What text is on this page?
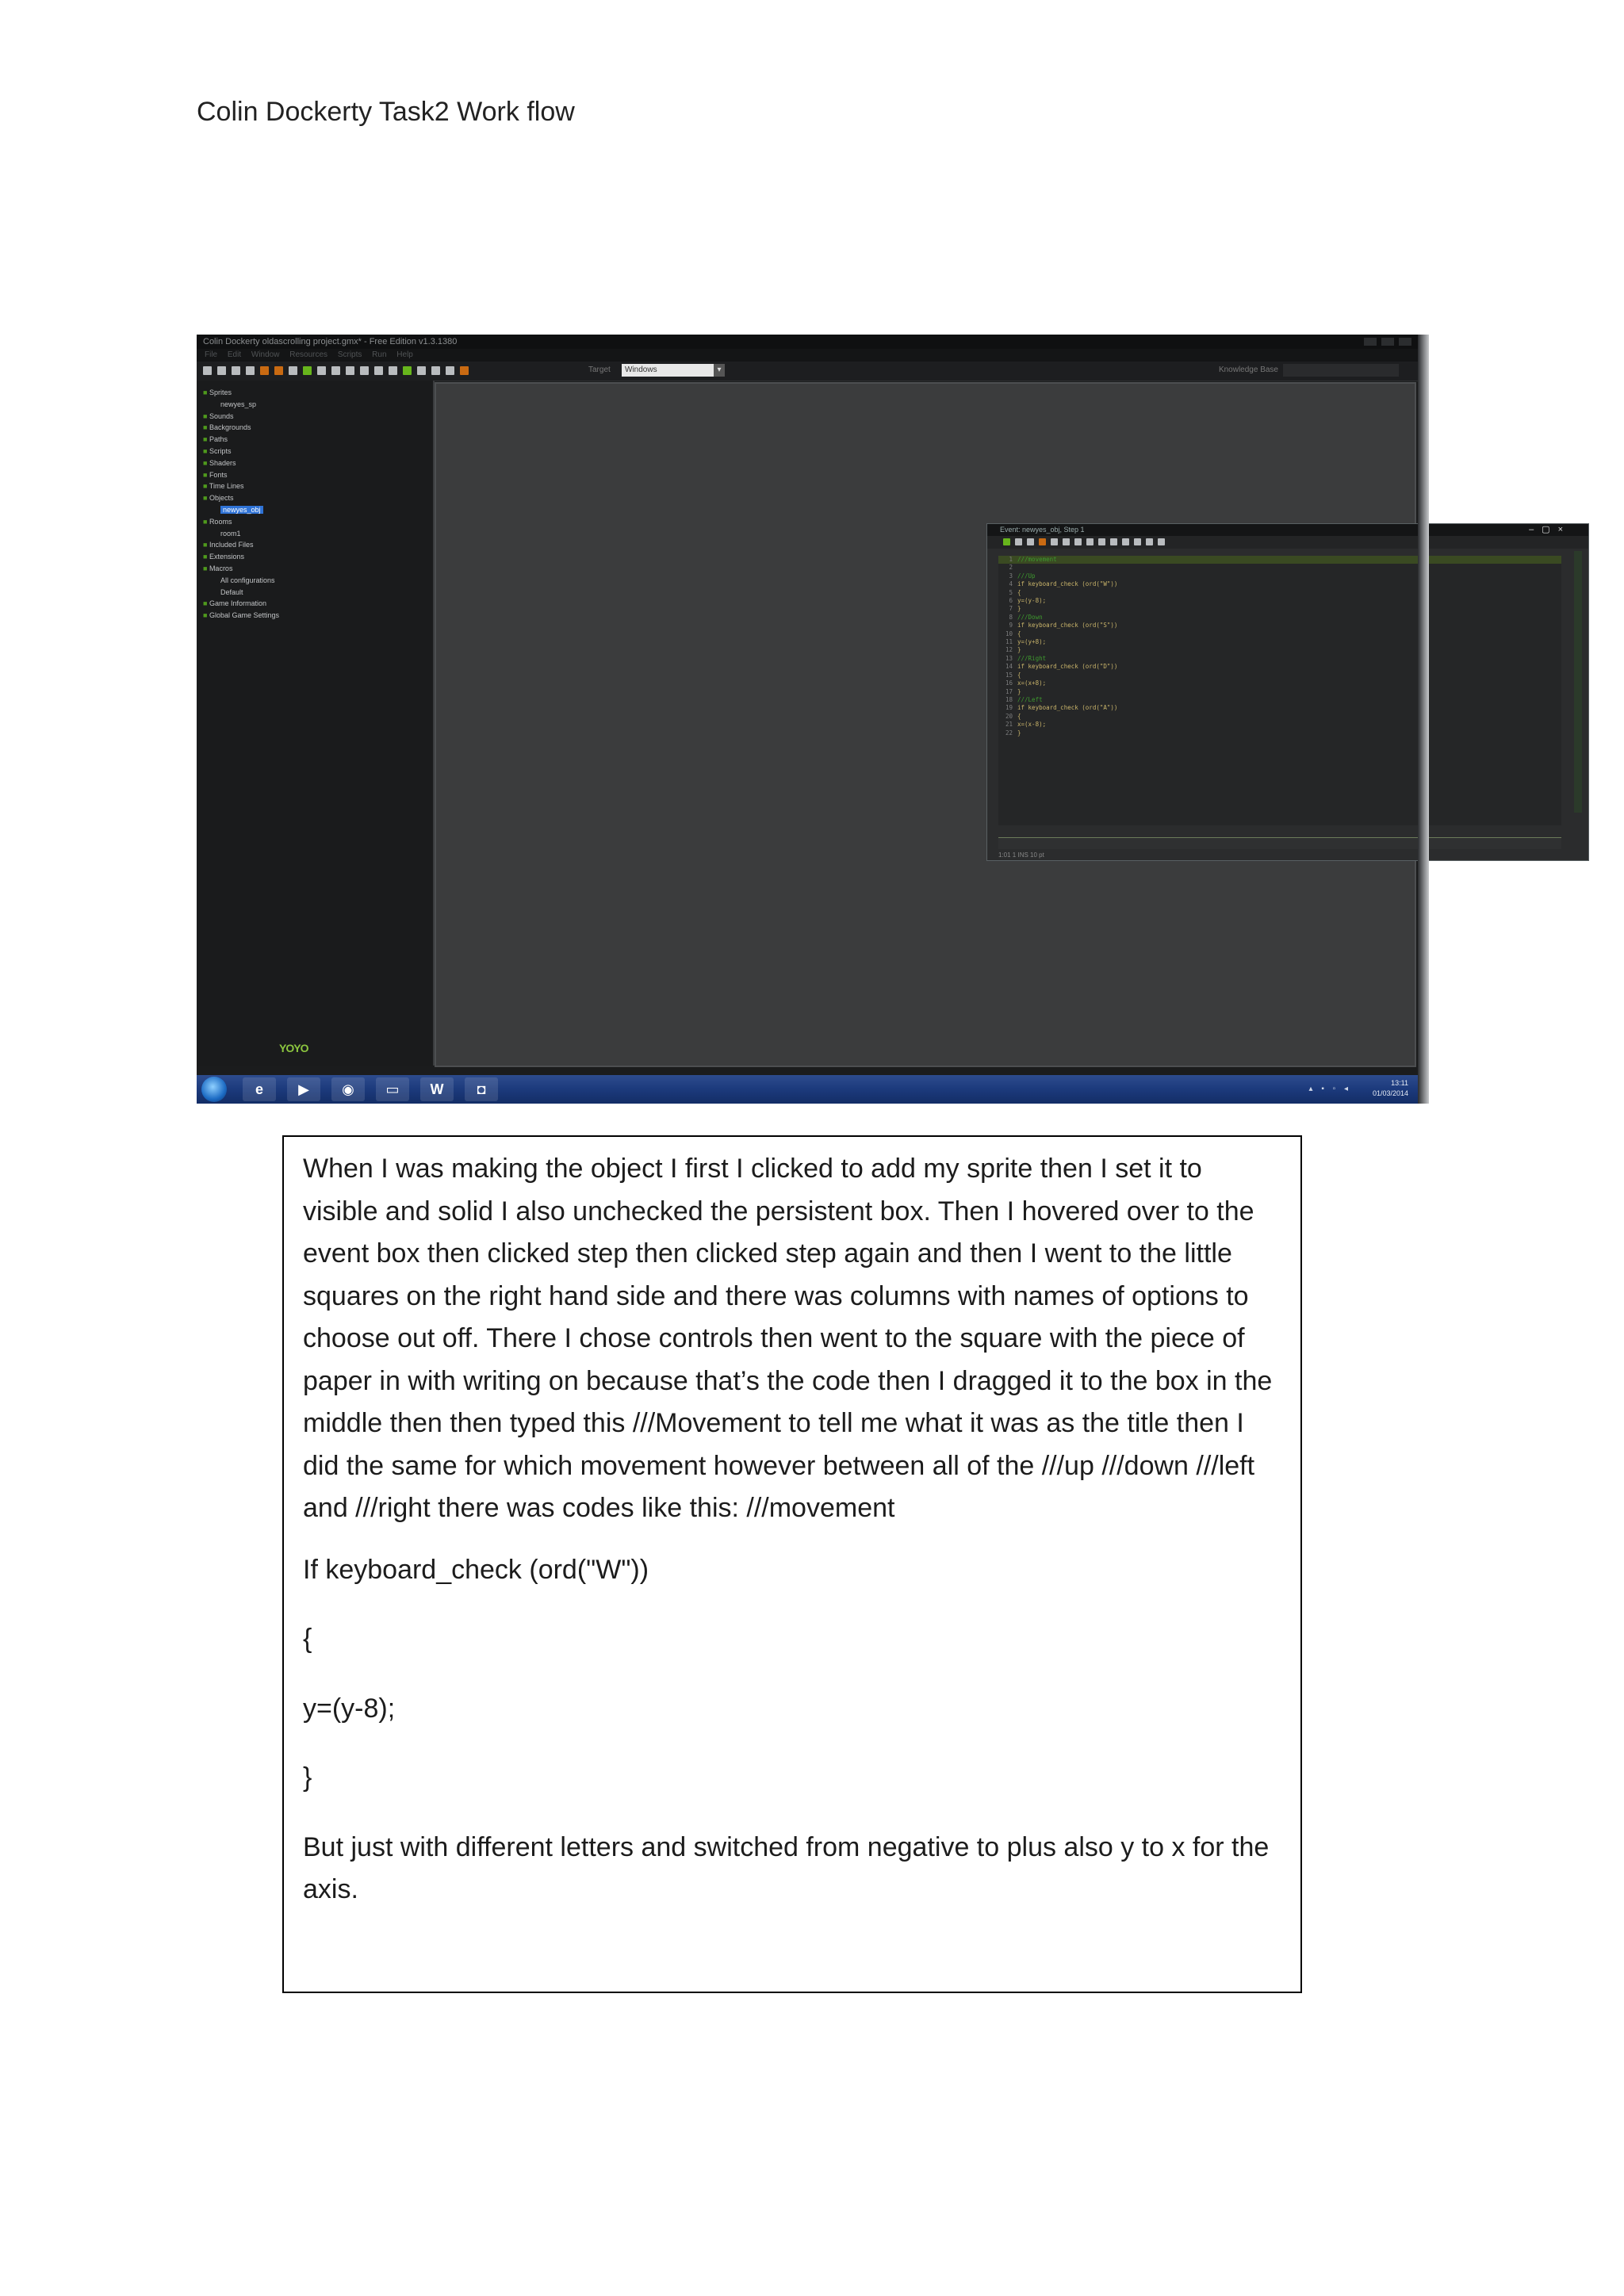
Colin Dockerty Task2 Work flow
Colin Dockerty oldascrolling project.gmx* - Free Edition v1.3.1380
File Edit Window Resources Scripts Run Help
Target	Windows ▾	Knowledge Base
■ Sprites
newyes_sp
■ Sounds
■ Backgrounds
■ Paths
■ Scripts
■ Shaders
■ Fonts
■ Time Lines
■ Objects
newyes_obj
■ Rooms
room1
■ Included Files
■ Extensions
■ Macros
All configurations
Default
■ Game Information
■ Global Game Settings
YOYO
Event: newyes_obj, Step 1	–▢×
1 ///movement
2
3 ///Up
4 if keyboard_check (ord("W"))
5 {
6 y=(y-8);
7 }
8 ///Down
9 if keyboard_check (ord("S"))
10 {
11 y=(y+8);
12 }
13 ///Right
14 if keyboard_check (ord("D"))
15 {
16 x=(x+8);
17 }
18 ///Left
19 if keyboard_check (ord("A"))
20 {
21 x=(x-8);
22 }
1:01 1 INS 10 pt
e	▶	◉	▭	W	◘	▴ ▪ ▫ ◂
13:11
01/03/2014

When I was making the object I first I clicked to add my sprite then I set it to visible and solid I also unchecked the persistent box. Then I hovered over to the event box then clicked step then clicked step again and then I went to the little squares on the right hand side and there was columns with names of options to choose out off. There I chose controls then went to the square with the piece of paper in with writing on because that’s the code then I dragged it to the box in the middle then then typed this ///Movement to tell me what it was as the title then I did the same for which movement however between all of the ///up ///down ///left and ///right there was codes like this: ///movement

If keyboard_check (ord("W"))

{

y=(y-8);

}

But just with different letters and switched from negative to plus also y to x for the axis.
